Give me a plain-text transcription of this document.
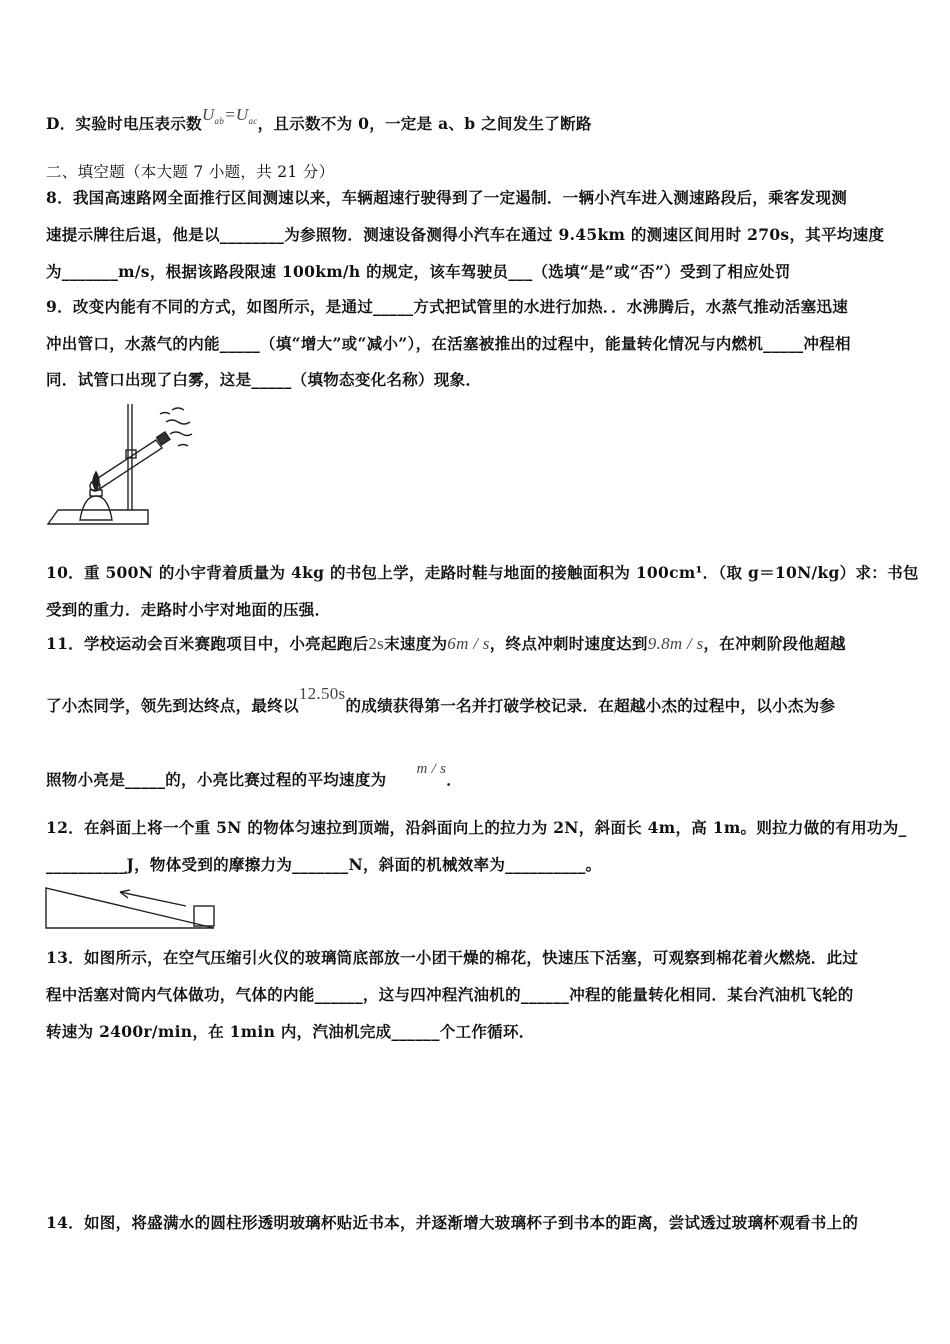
D．实验时电压表示数$U_{ab}=U_{ac}$，且示数不为 0，一定是 a、b 之间发生了断路
二、填空题（本大题 7 小题，共 21 分）
8．我国高速路网全面推行区间测速以来，车辆超速行驶得到了一定遏制．一辆小汽车进入测速路段后，乘客发现测
速提示牌往后退，他是以________为参照物．测速设备测得小汽车在通过 9.45km 的测速区间用时 270s，其平均速度
为_______m/s，根据该路段限速 100km/h 的规定，该车驾驶员___（选填“是”或“否”）受到了相应处罚
9．改变内能有不同的方式，如图所示，是通过_____方式把试管里的水进行加热．．水沸腾后，水蒸气推动活塞迅速
冲出管口，水蒸气的内能_____（填“增大”或“减小”），在活塞被推出的过程中，能量转化情况与内燃机_____冲程相
同．试管口出现了白雾，这是_____（填物态变化名称）现象．
10．重 500N 的小宇背着质量为 4kg 的书包上学，走路时鞋与地面的接触面积为 100cm¹．（取 g＝10N/kg）求：书包
受到的重力．走路时小宇对地面的压强．
11．学校运动会百米赛跑项目中，小亮起跑后2s末速度为6m / s，终点冲刺时速度达到9.8m / s，在冲刺阶段他超越
了小杰同学，领先到达终点，最终以12.50s的成绩获得第一名并打破学校记录．在超越小杰的过程中，以小杰为参
照物小亮是_____的，小亮比赛过程的平均速度为m / s．
12．在斜面上将一个重 5N 的物体匀速拉到顶端，沿斜面向上的拉力为 2N，斜面长 4m，高 1m。则拉力做的有用功为_
__________J，物体受到的摩擦力为_______N，斜面的机械效率为__________。
13．如图所示，在空气压缩引火仪的玻璃筒底部放一小团干燥的棉花，快速压下活塞，可观察到棉花着火燃烧．此过
程中活塞对筒内气体做功，气体的内能______，这与四冲程汽油机的______冲程的能量转化相同．某台汽油机飞轮的
转速为 2400r/min，在 1min 内，汽油机完成______个工作循环．
14．如图，将盛满水的圆柱形透明玻璃杯贴近书本，并逐渐增大玻璃杯子到书本的距离，尝试透过玻璃杯观看书上的
